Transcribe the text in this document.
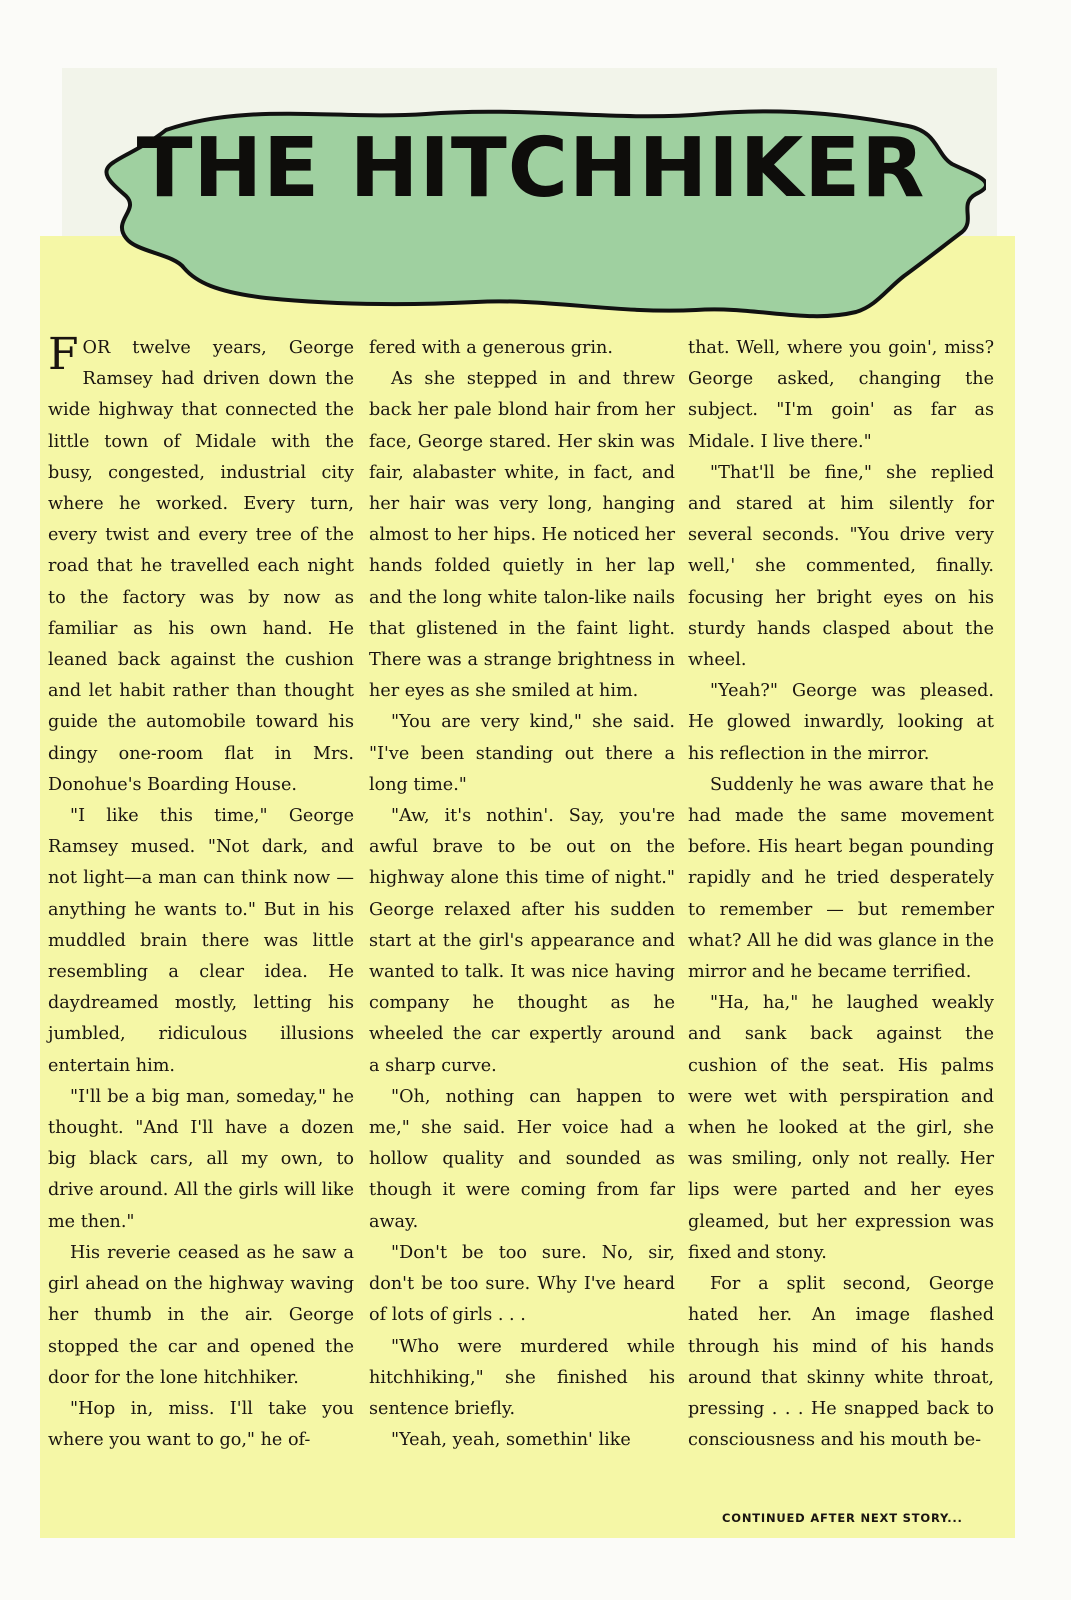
THE HITCHHIKER

FOR twelve years, George Ramsey had driven down the wide highway that connected the little town of Midale with the busy, congested, industrial city where he worked. Every turn, every twist and every tree of the road that he travelled each night to the factory was by now as familiar as his own hand. He leaned back against the cushion and let habit rather than thought guide the automobile toward his dingy one-room flat in Mrs. Donohue's Boarding House.

"I like this time," George Ramsey mused. "Not dark, and not light—a man can think now —anything he wants to." But in his muddled brain there was little resembling a clear idea. He daydreamed mostly, letting his jumbled, ridiculous illusions entertain him.

"I'll be a big man, someday," he thought. "And I'll have a dozen big black cars, all my own, to drive around. All the girls will like me then."

His reverie ceased as he saw a girl ahead on the highway waving her thumb in the air. George stopped the car and opened the door for the lone hitchhiker.

"Hop in, miss. I'll take you where you want to go," he of-

fered with a generous grin.

As she stepped in and threw back her pale blond hair from her face, George stared. Her skin was fair, alabaster white, in fact, and her hair was very long, hanging almost to her hips. He noticed her hands folded quietly in her lap and the long white talon-like nails that glistened in the faint light. There was a strange brightness in her eyes as she smiled at him.

"You are very kind," she said. "I've been standing out there a long time."

"Aw, it's nothin'. Say, you're awful brave to be out on the highway alone this time of night." George relaxed after his sudden start at the girl's appearance and wanted to talk. It was nice having company he thought as he wheeled the car expertly around a sharp curve.

"Oh, nothing can happen to me," she said. Her voice had a hollow quality and sounded as though it were coming from far away.

"Don't be too sure. No, sir, don't be too sure. Why I've heard of lots of girls . . .

"Who were murdered while hitchhiking," she finished his sentence briefly.

"Yeah, yeah, somethin' like

that. Well, where you goin', miss? George asked, changing the subject. "I'm goin' as far as Midale. I live there."

"That'll be fine," she replied and stared at him silently for several seconds. "You drive very well,' she commented, finally. focusing her bright eyes on his sturdy hands clasped about the wheel.

"Yeah?" George was pleased. He glowed inwardly, looking at his reflection in the mirror.

Suddenly he was aware that he had made the same movement before. His heart began pounding rapidly and he tried desperately to remember — but remember what? All he did was glance in the mirror and he became terrified.

"Ha, ha," he laughed weakly and sank back against the cushion of the seat. His palms were wet with perspiration and when he looked at the girl, she was smiling, only not really. Her lips were parted and her eyes gleamed, but her expression was fixed and stony.

For a split second, George hated her. An image flashed through his mind of his hands around that skinny white throat, pressing . . . He snapped back to consciousness and his mouth be-

CONTINUED AFTER NEXT STORY...
